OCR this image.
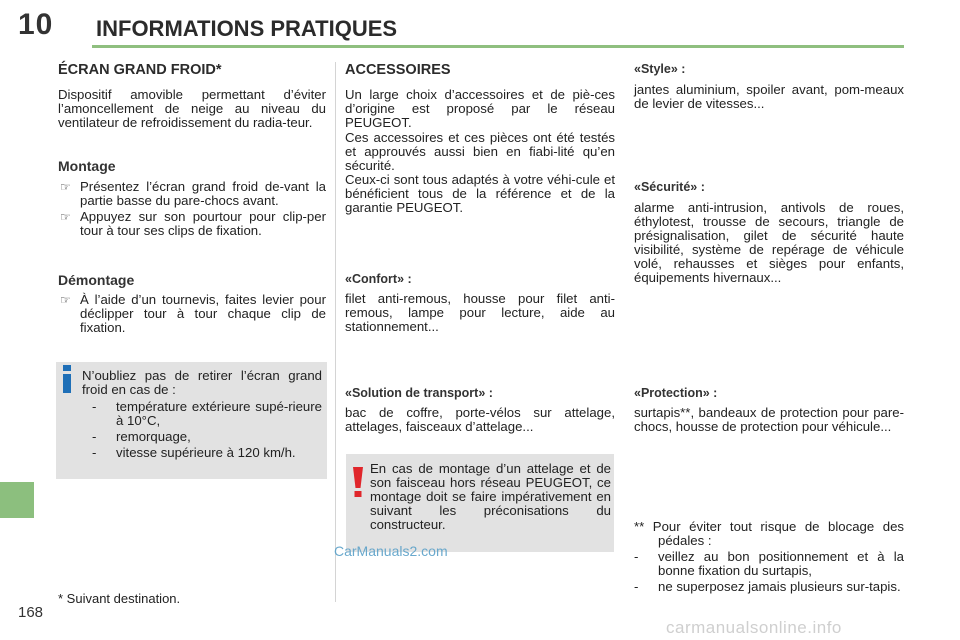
10 INFORMATIONS PRATIQUES
168
ÉCRAN GRAND FROID*

Dispositif amovible permettant d’éviter l’amoncellement de neige au niveau du ventilateur de refroidissement du radia-teur.

Montage
☞ Présentez l’écran grand froid de-vant la partie basse du pare-chocs avant.
☞ Appuyez sur son pourtour pour clip-per tour à tour ses clips de fixation.
Démontage
☞ À l’aide d’un tournevis, faites levier pour déclipper tour à tour chaque clip de fixation.

N’oubliez pas de retirer l’écran grand froid en cas de :

- température extérieure supé-rieure à 10°C,
- remorquage,
- vitesse supérieure à 120 km/h.

* Suivant destination.

ACCESSOIRES

Un large choix d’accessoires et de piè-ces d’origine est proposé par le réseau PEUGEOT.

Ces accessoires et ces pièces ont été testés et approuvés aussi bien en fiabi-lité qu’en sécurité.

Ceux-ci sont tous adaptés à votre véhi-cule et bénéficient tous de la référence et de la garantie PEUGEOT.

«Confort» :

filet anti-remous, housse pour filet anti-remous, lampe pour lecture, aide au stationnement...

«Solution de transport» :

bac de coffre, porte-vélos sur attelage, attelages, faisceaux d’attelage...

En cas de montage d’un attelage et de son faisceau hors réseau PEUGEOT, ce montage doit se faire impérativement en suivant les préconisations du constructeur.

CarManuals2.com
«Style» :

jantes aluminium, spoiler avant, pom-meaux de levier de vitesses...

«Sécurité» :

alarme anti-intrusion, antivols de roues, éthylotest, trousse de secours, triangle de présignalisation, gilet de sécurité haute visibilité, système de repérage de véhicule volé, rehausses et sièges pour enfants, équipements hivernaux...

«Protection» :

surtapis**, bandeaux de protection pour pare-chocs, housse de protection pour véhicule...

** Pour éviter tout risque de blocage des pédales :

- veillez au bon positionnement et à la bonne fixation du surtapis,
- ne superposez jamais plusieurs sur-tapis.
carmanualsonline.info
